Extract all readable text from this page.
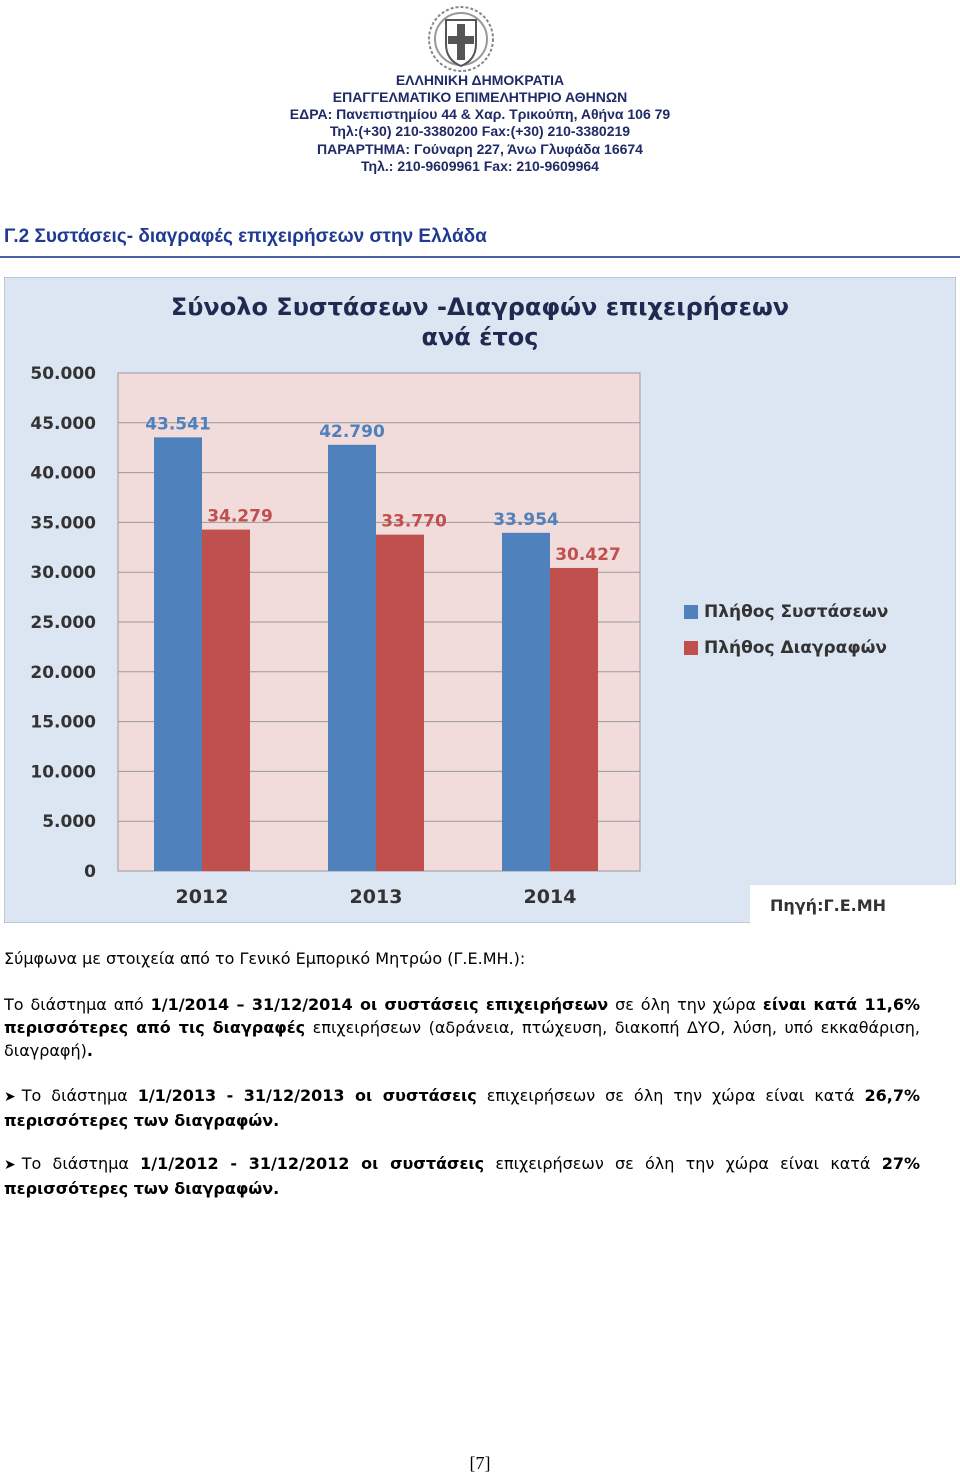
ΕΛΛΗΝΙΚΗ ΔΗΜΟΚΡΑΤΙΑ
ΕΠΑΓΓΕΛΜΑΤΙΚΟ ΕΠΙΜΕΛΗΤΗΡΙΟ ΑΘΗΝΩΝ
ΕΔΡΑ: Πανεπιστημίου 44 & Χαρ. Τρικούπη, Αθήνα 106 79
Τηλ:(+30) 210-3380200 Fax:(+30) 210-3380219
ΠΑΡΑΡΤΗΜΑ: Γούναρη 227, Άνω Γλυφάδα 16674
Τηλ.: 210-9609961 Fax: 210-9609964
Γ.2 Συστάσεις- διαγραφές επιχειρήσεων στην Ελλάδα
Σύνολο Συστάσεων -Διαγραφών επιχειρήσεων
ανά έτος
0
5.000
10.000
15.000
20.000
25.000
30.000
35.000
40.000
45.000
50.000
43.541
34.279
42.790
33.770	33.954
30.427
2012	2013	2014
Πλήθος Συστάσεων
Πλήθος Διαγραφών
Πηγή:Γ.Ε.ΜΗ
Σύμφωνα με στοιχεία από το Γενικό Εμπορικό Μητρώο (Γ.Ε.ΜΗ.):
Το διάστημα από 1/1/2014 – 31/12/2014 οι συστάσεις επιχειρήσεων σε όλη την χώρα είναι κατά 11,6% περισσότερες από τις διαγραφές επιχειρήσεων (αδράνεια, πτώχευση, διακοπή ΔΥΟ, λύση, υπό εκκαθάριση, διαγραφή).
➤ Το διάστημα 1/1/2013 - 31/12/2013 οι συστάσεις επιχειρήσεων σε όλη την χώρα είναι κατά 26,7% περισσότερες των διαγραφών.
➤ Το διάστημα 1/1/2012 - 31/12/2012 οι συστάσεις επιχειρήσεων σε όλη την χώρα είναι κατά 27% περισσότερες των διαγραφών.
[7]
